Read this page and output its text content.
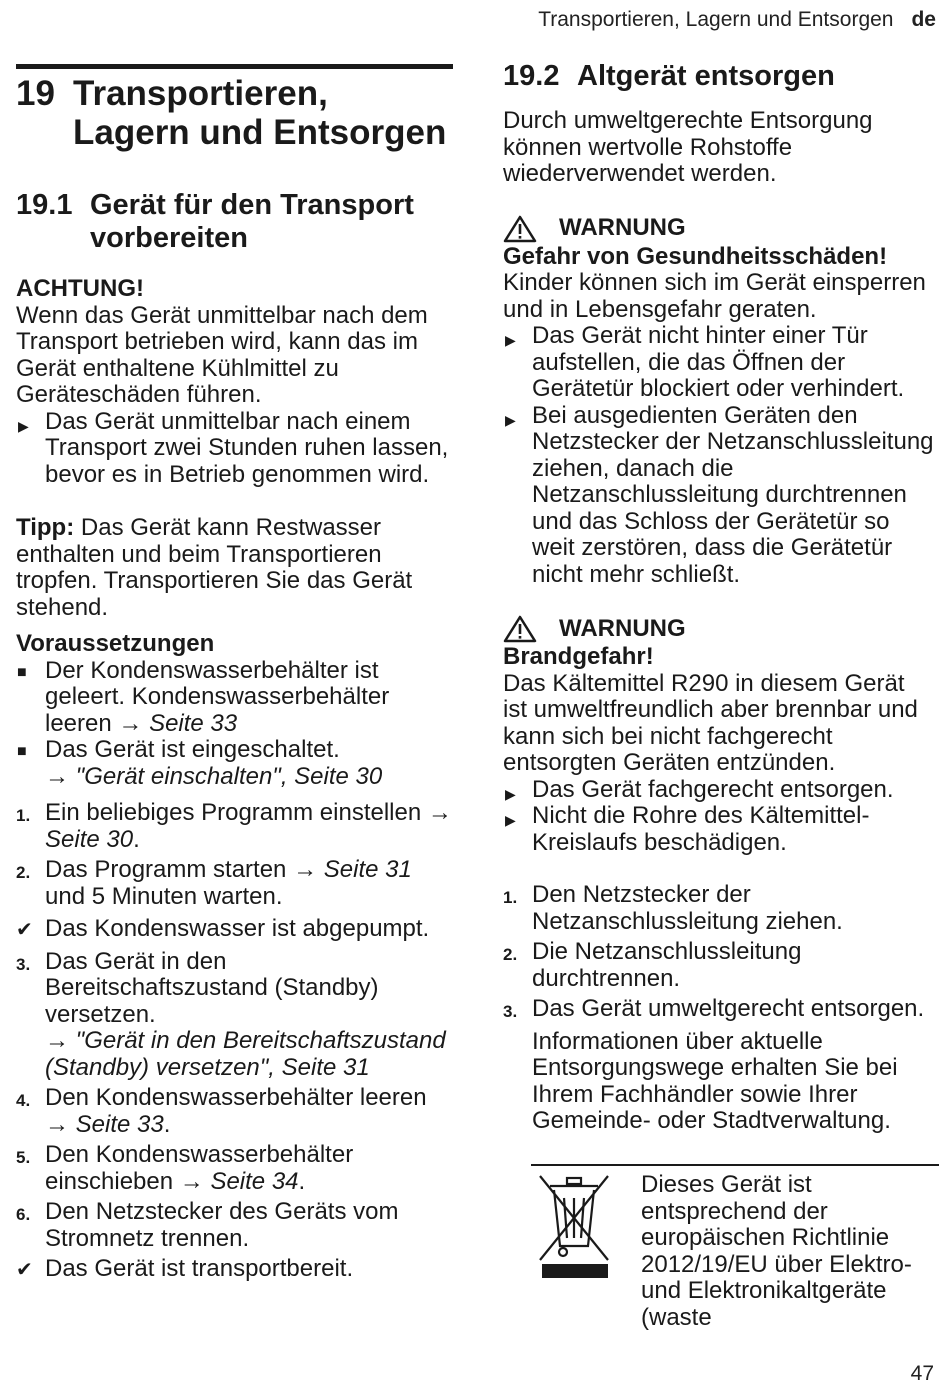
Transportieren, Lagern und Entsorgen de
19 Transportieren,
Lagern und Entsorgen
19.1 Gerät für den Transport
vorbereiten
ACHTUNG!
Wenn das Gerät unmittelbar nach dem Transport betrieben wird, kann das im Gerät enthaltene Kühlmittel zu Geräteschäden führen.
▶ Das Gerät unmittelbar nach einem Transport zwei Stunden ruhen lassen, bevor es in Betrieb genommen wird.
Tipp: Das Gerät kann Restwasser enthalten und beim Transportieren tropfen. Transportieren Sie das Gerät stehend.
Voraussetzungen
■ Der Kondenswasserbehälter ist geleert. Kondenswasserbehälter leeren → Seite 33
■ Das Gerät ist eingeschaltet.
→ "Gerät einschalten", Seite 30
1. Ein beliebiges Programm einstellen → Seite 30.
2. Das Programm starten → Seite 31 und 5 Minuten warten.
✔ Das Kondenswasser ist abgepumpt.
3. Das Gerät in den Bereitschaftszustand (Standby) versetzen.
→ "Gerät in den Bereitschaftszustand (Standby) versetzen", Seite 31
4. Den Kondenswasserbehälter leeren → Seite 33.
5. Den Kondenswasserbehälter einschieben → Seite 34.
6. Den Netzstecker des Geräts vom Stromnetz trennen.
✔ Das Gerät ist transportbereit.
19.2 Altgerät entsorgen
Durch umweltgerechte Entsorgung können wertvolle Rohstoffe wiederverwendet werden.
WARNUNG
Gefahr von Gesundheitsschäden!
Kinder können sich im Gerät einsperren und in Lebensgefahr geraten.
▶ Das Gerät nicht hinter einer Tür aufstellen, die das Öffnen der Gerätetür blockiert oder verhindert.
▶ Bei ausgedienten Geräten den Netzstecker der Netzanschlussleitung ziehen, danach die Netzanschlussleitung durchtrennen und das Schloss der Gerätetür so weit zerstören, dass die Gerätetür nicht mehr schließt.
WARNUNG
Brandgefahr!
Das Kältemittel R290 in diesem Gerät ist umweltfreundlich aber brennbar und kann sich bei nicht fachgerecht entsorgten Geräten entzünden.
▶ Das Gerät fachgerecht entsorgen.
▶ Nicht die Rohre des Kältemittel-Kreislaufs beschädigen.
1. Den Netzstecker der Netzanschlussleitung ziehen.
2. Die Netzanschlussleitung durchtrennen.
3. Das Gerät umweltgerecht entsorgen.
Informationen über aktuelle Entsorgungswege erhalten Sie bei Ihrem Fachhändler sowie Ihrer Gemeinde- oder Stadtverwaltung.
Dieses Gerät ist entsprechend der europäischen Richtlinie 2012/19/EU über Elektro- und Elektronikaltgeräte (waste
47
